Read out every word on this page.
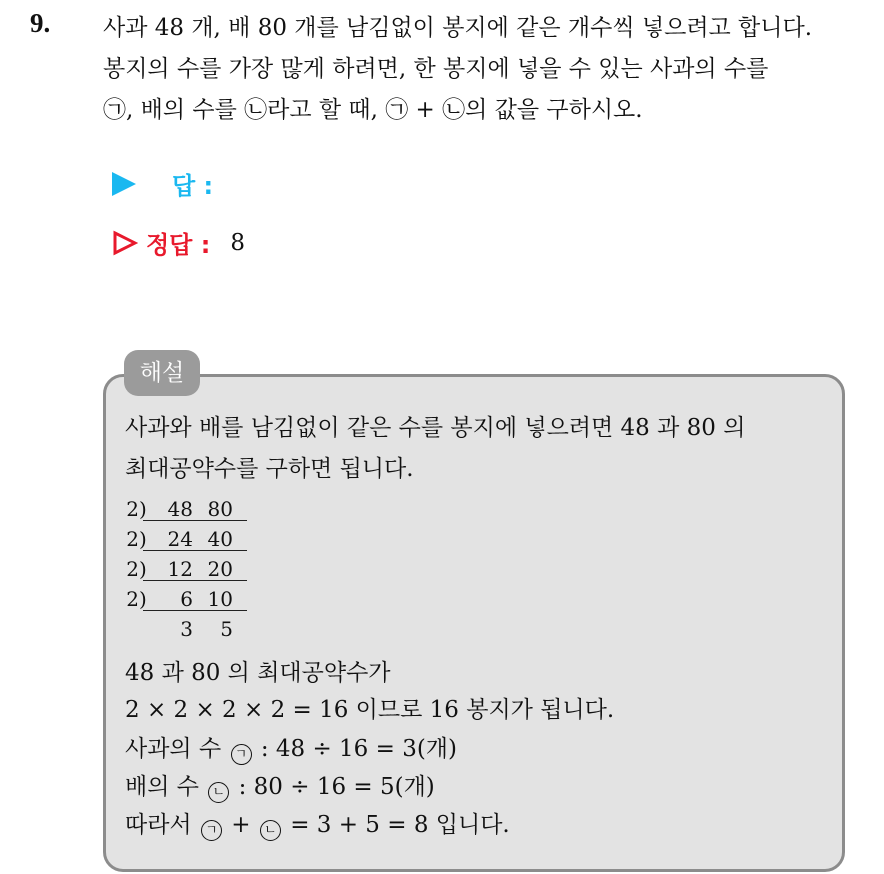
9. 사과 48 개, 배 80 개를 남김없이 봉지에 같은 개수씩 넣으려고 합니다.
봉지의 수를 가장 많게 하려면, 한 봉지에 넣을 수 있는 사과의 수를
㉠, 배의 수를 ㉡라고 할 때, ㉠ + ㉡의 값을 구하시오.
답 :
정답 : 8
해설
사과와 배를 남김없이 같은 수를 봉지에 넣으려면 48 과 80 의
최대공약수를 구하면 됩니다.
2 )	48 80
2 )	24 40
2 )	12 20
2 )	6 10
3	5
48 과 80 의 최대공약수가
2 × 2 × 2 × 2 = 16 이므로 16 봉지가 됩니다.
사과의 수 ㄱ : 48 ÷ 16 = 3(개)
배의 수 ㄴ : 80 ÷ 16 = 5(개)
따라서 ㄱ + ㄴ = 3 + 5 = 8 입니다.
